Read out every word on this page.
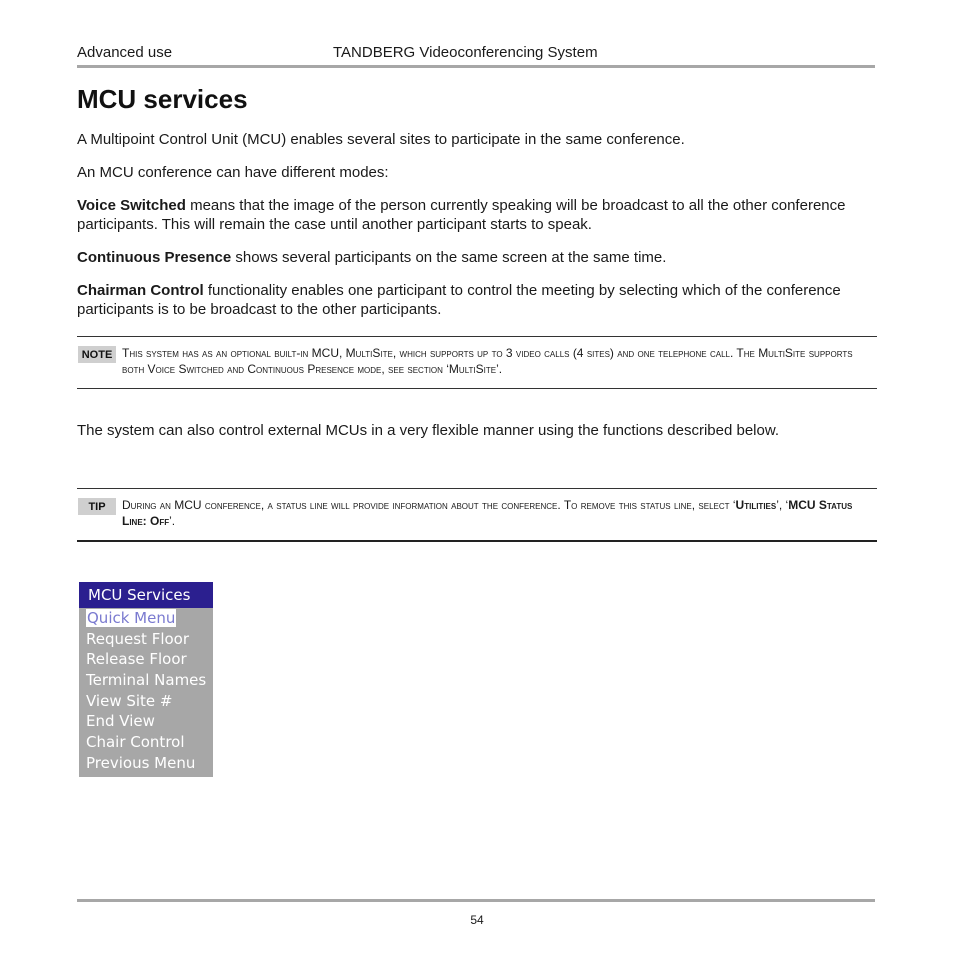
Advanced use	TANDBERG Videoconferencing System
MCU services

A Multipoint Control Unit (MCU) enables several sites to participate in the same conference.

An MCU conference can have different modes:

Voice Switched means that the image of the person currently speaking will be broadcast to all the other conference participants. This will remain the case until another participant starts to speak.

Continuous Presence shows several participants on the same screen at the same time.

Chairman Control functionality enables one participant to control the meeting by selecting which of the conference participants is to be broadcast to the other participants.

NOTE This system has as an optional built-in MCU, MultiSite, which supports up to 3 video calls (4 sites) and one telephone call. The MultiSite supports both Voice Switched and Continuous Presence mode, see section ‘MultiSite’.

The system can also control external MCUs in a very flexible manner using the functions described below.

TIP	During an MCU conference, a status line will provide information about the conference. To remove this status line, select ‘Utilities’, ‘MCU Status Line: Off’.

MCU Services
Quick Menu
Request Floor
Release Floor
Terminal Names
View Site #
End View
Chair Control
Previous Menu
54
